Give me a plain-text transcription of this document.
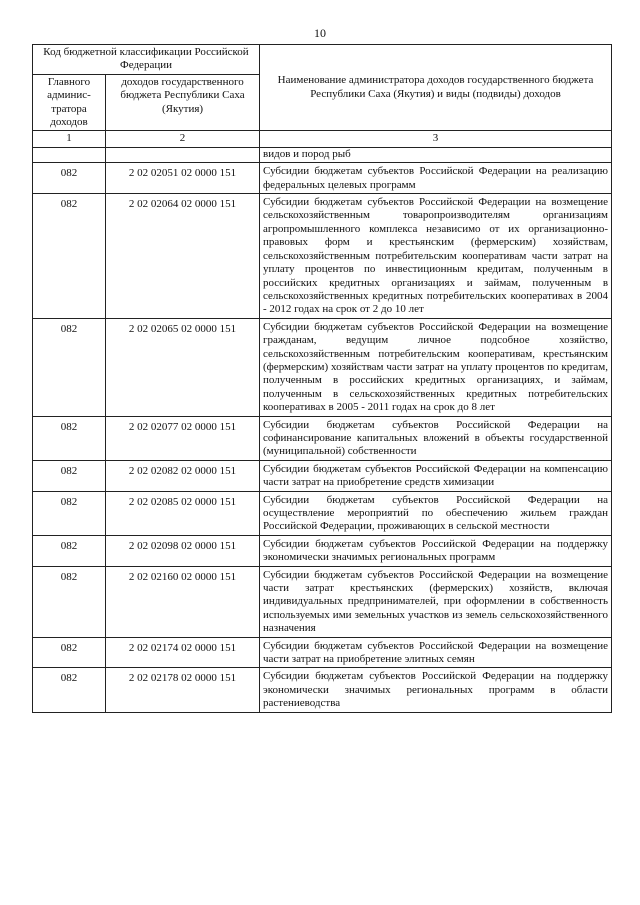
10
Код бюджетной классификации Российской Федерации		Наименование администратора доходов государственного бюджета Республики Саха (Якутия) и виды (подвиды) доходов
Главного админис-тратора доходов	доходов государственного бюджета Республики Саха (Якутия)	
1	2	3
		видов и пород рыб
082	2 02 02051 02 0000 151	Субсидии бюджетам субъектов Российской Федерации на реализацию федеральных целевых программ
082	2 02 02064 02 0000 151	Субсидии бюджетам субъектов Российской Федерации на возмещение сельскохозяйственным товаропроизводителям организациям агропромышленного комплекса независимо от их организационно-правовых форм и крестьянским (фермерским) хозяйствам, сельскохозяйственным потребительским кооперативам части затрат на уплату процентов по инвестиционным кредитам, полученным в российских кредитных организациях и займам, полученным в сельскохозяйственных кредитных потребительских кооперативах в 2004 - 2012 годах на срок от 2 до 10 лет
082	2 02 02065 02 0000 151	Субсидии бюджетам субъектов Российской Федерации на возмещение гражданам, ведущим личное подсобное хозяйство, сельскохозяйственным потребительским кооперативам, крестьянским (фермерским) хозяйствам части затрат на уплату процентов по кредитам, полученным в российских кредитных организациях, и займам, полученным в сельскохозяйственных кредитных потребительских кооперативах в 2005 - 2011 годах на срок до 8 лет
082	2 02 02077 02 0000 151	Субсидии бюджетам субъектов Российской Федерации на софинансирование капитальных вложений в объекты государственной (муниципальной) собственности
082	2 02 02082 02 0000 151	Субсидии бюджетам субъектов Российской Федерации на компенсацию части затрат на приобретение средств химизации
082	2 02 02085 02 0000 151	Субсидии бюджетам субъектов Российской Федерации на осуществление мероприятий по обеспечению жильем граждан Российской Федерации, проживающих в сельской местности
082	2 02 02098 02 0000 151	Субсидии бюджетам субъектов Российской Федерации на поддержку экономически значимых региональных программ
082	2 02 02160 02 0000 151	Субсидии бюджетам субъектов Российской Федерации на возмещение части затрат крестьянских (фермерских) хозяйств, включая индивидуальных предпринимателей, при оформлении в собственность используемых ими земельных участков из земель сельскохозяйственного назначения
082	2 02 02174 02 0000 151	Субсидии бюджетам субъектов Российской Федерации на возмещение части затрат на приобретение элитных семян
082	2 02 02178 02 0000 151	Субсидии бюджетам субъектов Российской Федерации на поддержку экономически значимых региональных программ в области растениеводства
